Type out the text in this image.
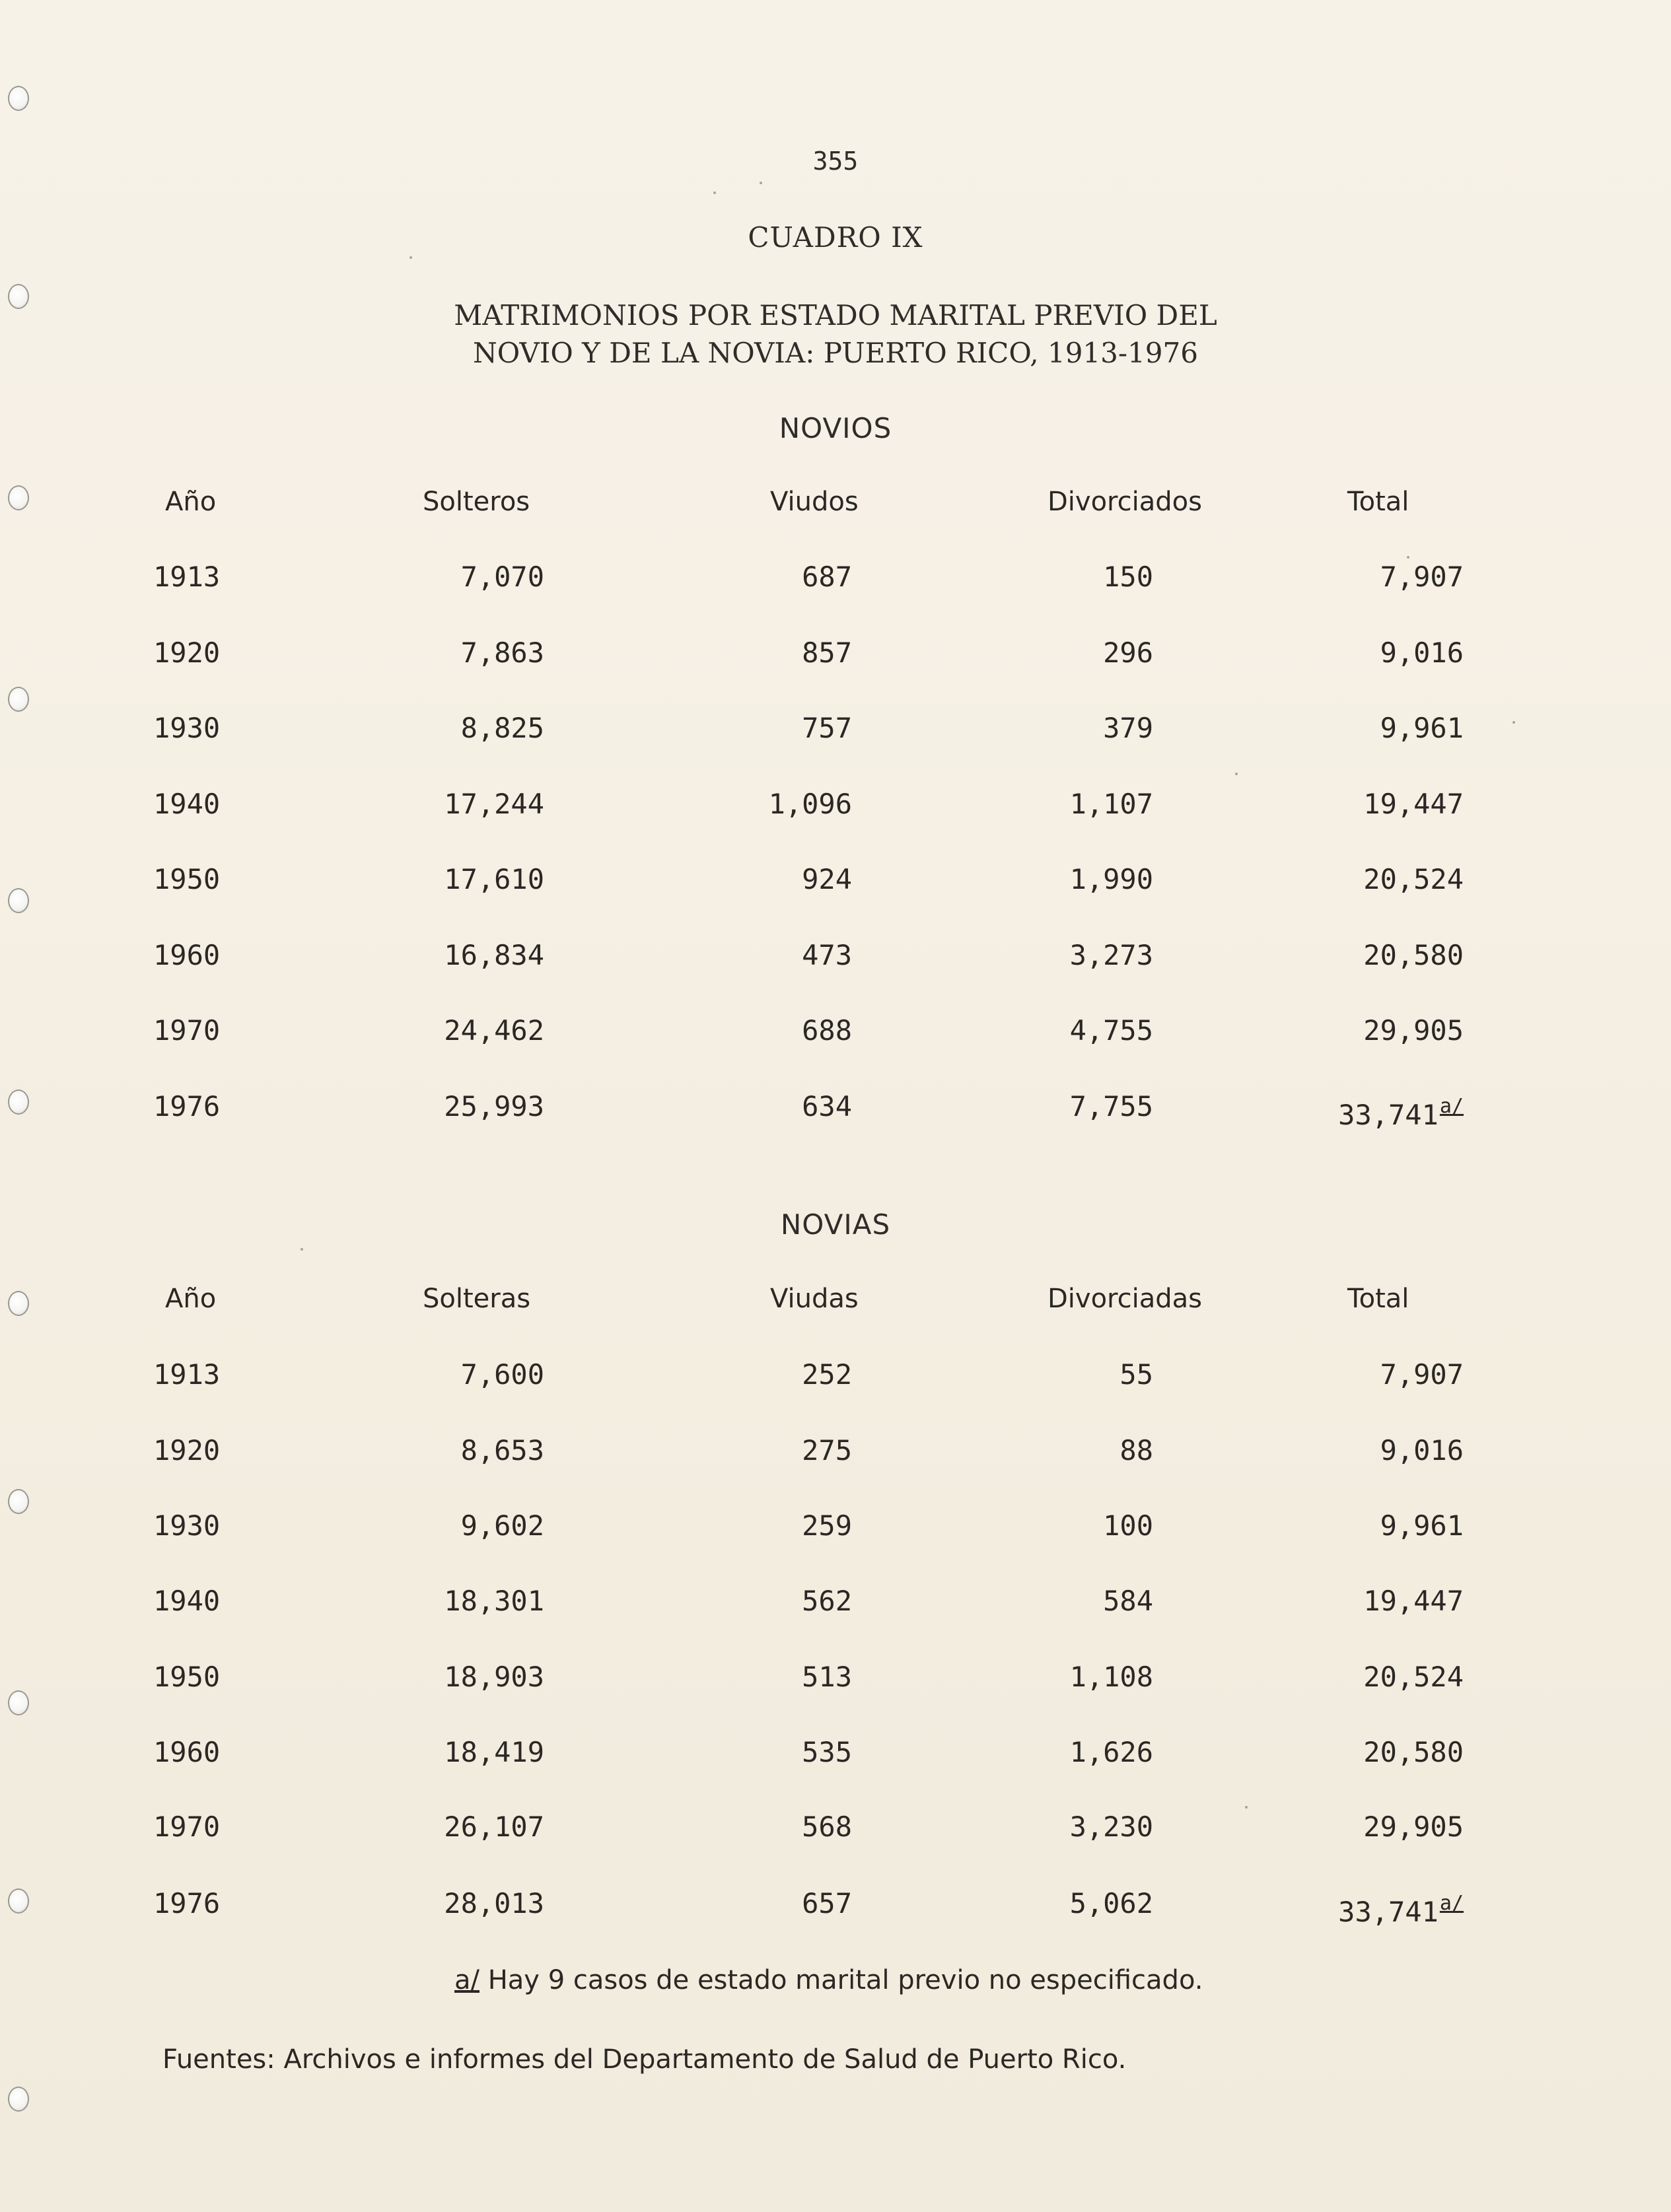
355
CUADRO IX
MATRIMONIOS POR ESTADO MARITAL PREVIO DEL
NOVIO Y DE LA NOVIA: PUERTO RICO, 1913-1976
NOVIOS
Año	Solteros	Viudos	Divorciados	Total
1913	7,070	687	150	7,907
1920	7,863	857	296	9,016
1930	8,825	757	379	9,961
1940	17,244	1,096	1,107	19,447
1950	17,610	924	1,990	20,524
1960	16,834	473	3,273	20,580
1970	24,462	688	4,755	29,905
1976	25,993	634	7,755	$33,741^{a/}$
NOVIAS
Año	Solteras	Viudas	Divorciadas	Total
1913	7,600	252	55	7,907
1920	8,653	275	88	9,016
1930	9,602	259	100	9,961
1940	18,301	562	584	19,447
1950	18,903	513	1,108	20,524
1960	18,419	535	1,626	20,580
1970	26,107	568	3,230	29,905
1976	28,013	657	5,062	$33,741^{a/}$
a/ Hay 9 casos de estado marital previo no especificado.
Fuentes: Archivos e informes del Departamento de Salud de Puerto Rico.
